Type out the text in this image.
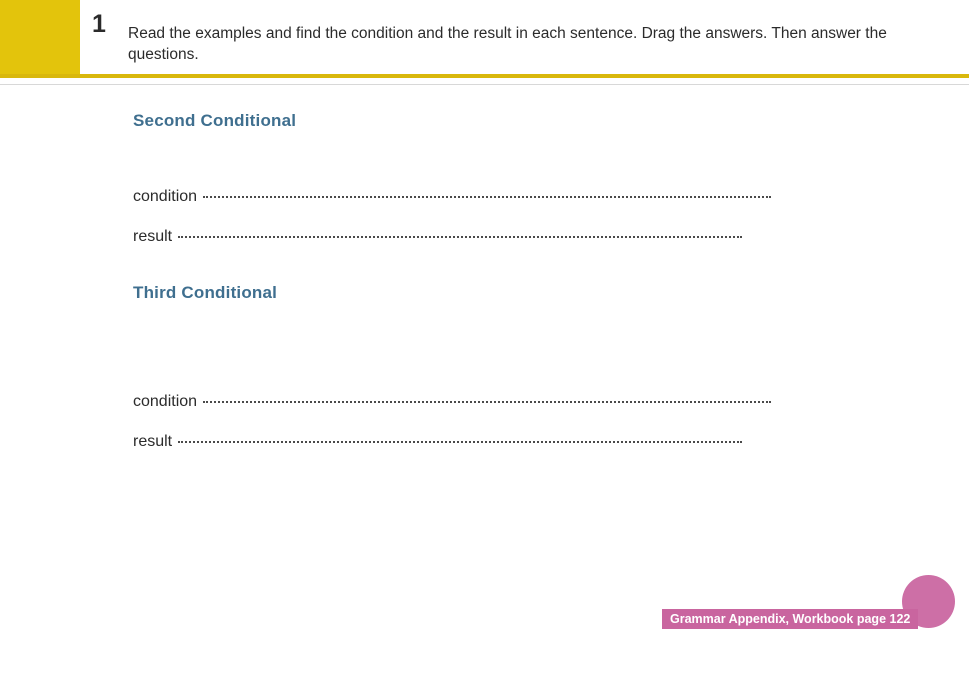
1 Read the examples and find the condition and the result in each sentence. Drag the answers. Then answer the questions.
Second Conditional
condition
result
Third Conditional
condition
result
Grammar Appendix, Workbook page 122
